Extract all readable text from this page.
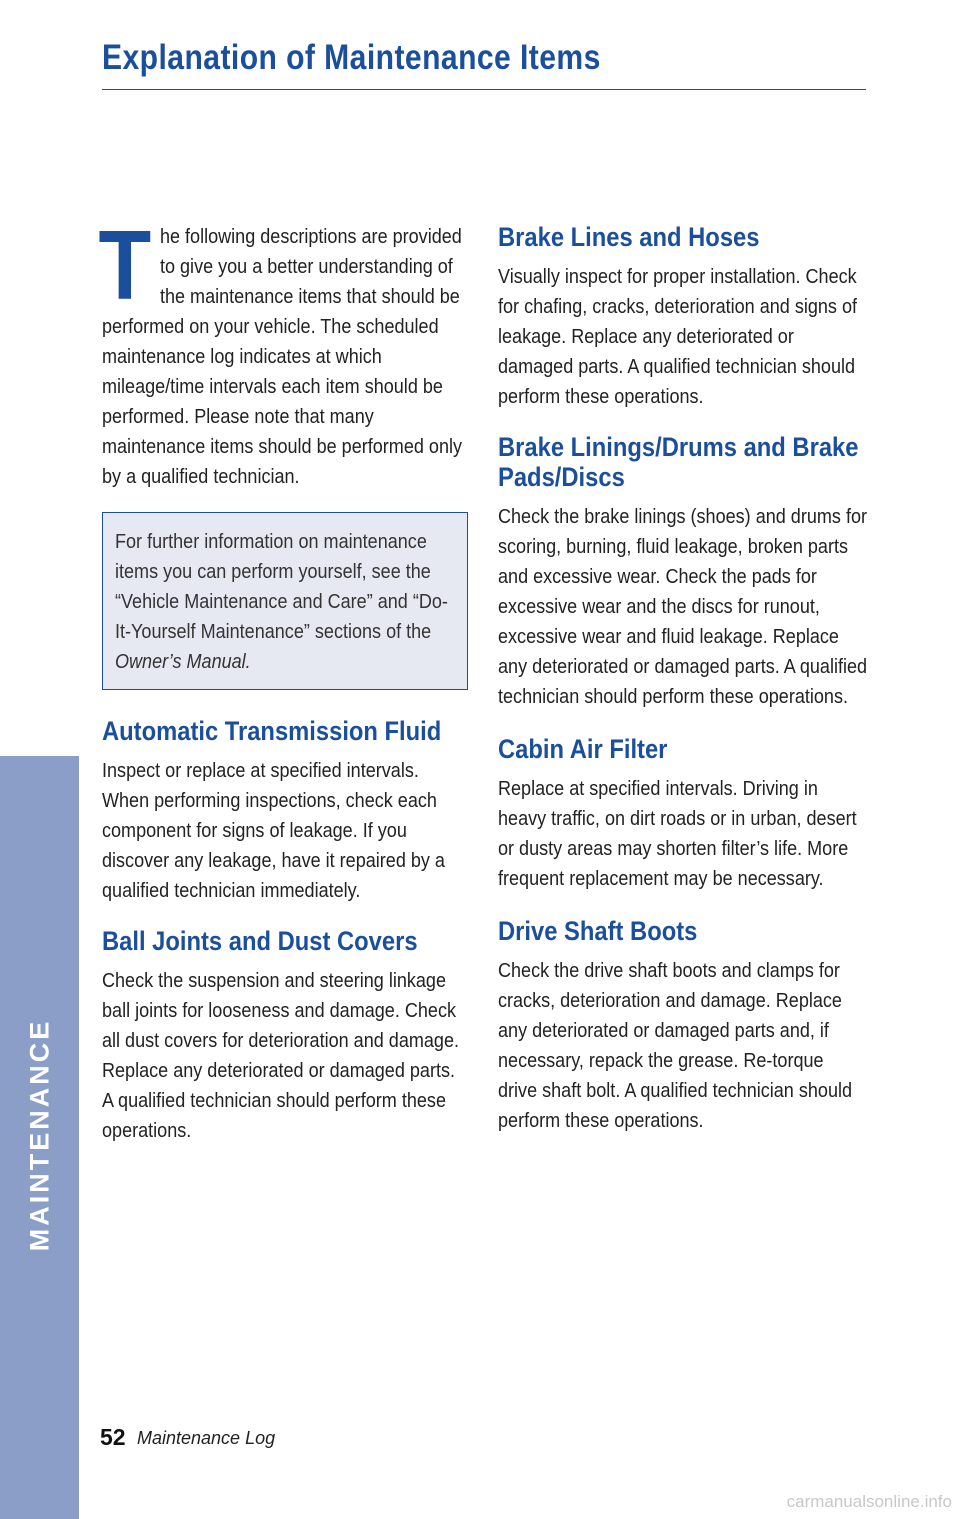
Explanation of Maintenance Items

The following descriptions are provided to give you a better understanding of the maintenance items that should be performed on your vehicle. The scheduled maintenance log indicates at which mileage/time intervals each item should be performed. Please note that many maintenance items should be performed only by a qualified technician.

For further information on maintenance items you can perform yourself, see the “Vehicle Maintenance and Care” and “Do-It-Yourself Maintenance” sections of the Owner’s Manual.

Automatic Transmission Fluid

Inspect or replace at specified intervals. When performing inspections, check each component for signs of leakage. If you discover any leakage, have it repaired by a qualified technician immediately.

Ball Joints and Dust Covers

Check the suspension and steering linkage ball joints for looseness and damage. Check all dust covers for deterioration and damage. Replace any deteriorated or damaged parts. A qualified technician should perform these operations.

Brake Lines and Hoses

Visually inspect for proper installation. Check for chafing, cracks, deterioration and signs of leakage. Replace any deteriorated or damaged parts. A qualified technician should perform these operations.

Brake Linings/Drums and Brake
Pads/Discs

Check the brake linings (shoes) and drums for scoring, burning, fluid leakage, broken parts and excessive wear. Check the pads for excessive wear and the discs for runout, excessive wear and fluid leakage. Replace any deteriorated or damaged parts. A qualified technician should perform these operations.

Cabin Air Filter

Replace at specified intervals. Driving in heavy traffic, on dirt roads or in urban, desert or dusty areas may shorten filter’s life. More frequent replacement may be necessary.

Drive Shaft Boots

Check the drive shaft boots and clamps for cracks, deterioration and damage. Replace any deteriorated or damaged parts and, if necessary, repack the grease. Re-torque drive shaft bolt. A qualified technician should perform these operations.

MAINTENANCE
52 Maintenance Log
carmanualsonline.info
